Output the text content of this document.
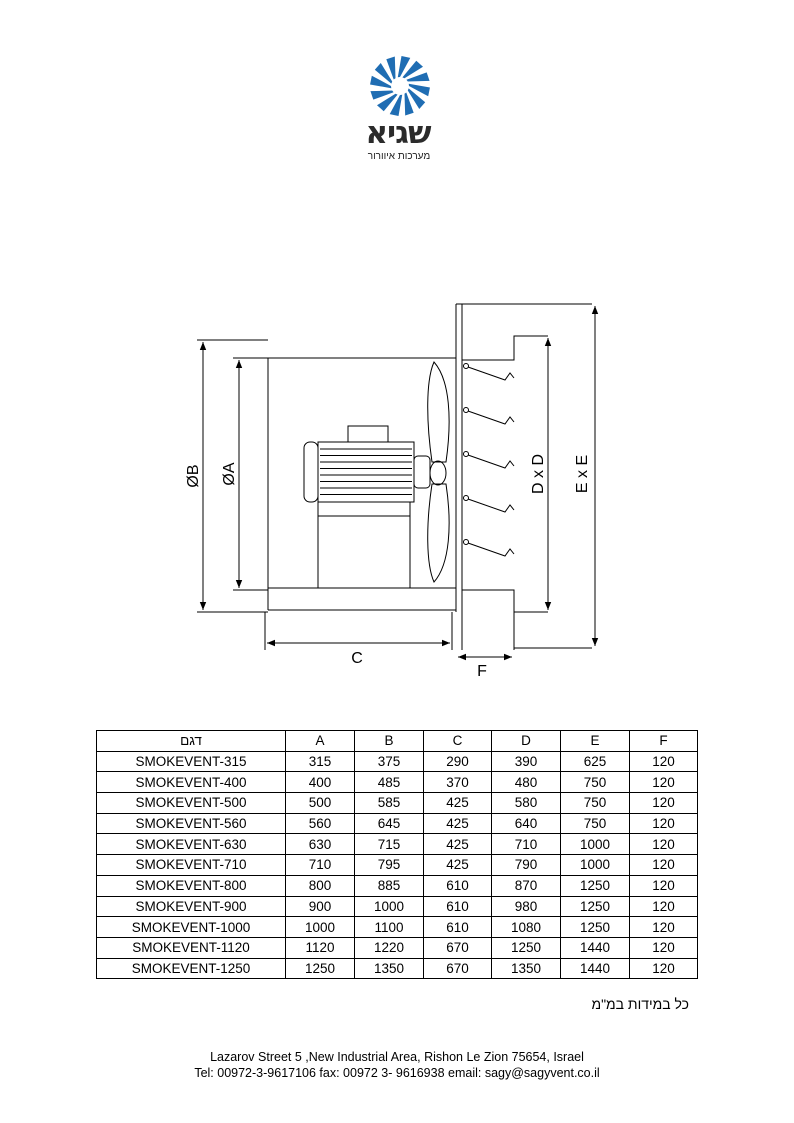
שגיא
מערכות איוורור
ØB ØA
C
F
D x D E x E
דגם	A	B	C	D	E	F
SMOKEVENT-315	315	375	290	390	625	120
SMOKEVENT-400	400	485	370	480	750	120
SMOKEVENT-500	500	585	425	580	750	120
SMOKEVENT-560	560	645	425	640	750	120
SMOKEVENT-630	630	715	425	710	1000	120
SMOKEVENT-710	710	795	425	790	1000	120
SMOKEVENT-800	800	885	610	870	1250	120
SMOKEVENT-900	900	1000	610	980	1250	120
SMOKEVENT-1000	1000	1100	610	1080	1250	120
SMOKEVENT-1120	1120	1220	670	1250	1440	120
SMOKEVENT-1250	1250	1350	670	1350	1440	120
כל במידות במ"מ
Lazarov Street 5 ,New Industrial Area, Rishon Le Zion 75654, Israel
Tel: 00972-3-9617106 fax: 00972 3- 9616938 email: sagy@sagyvent.co.il
